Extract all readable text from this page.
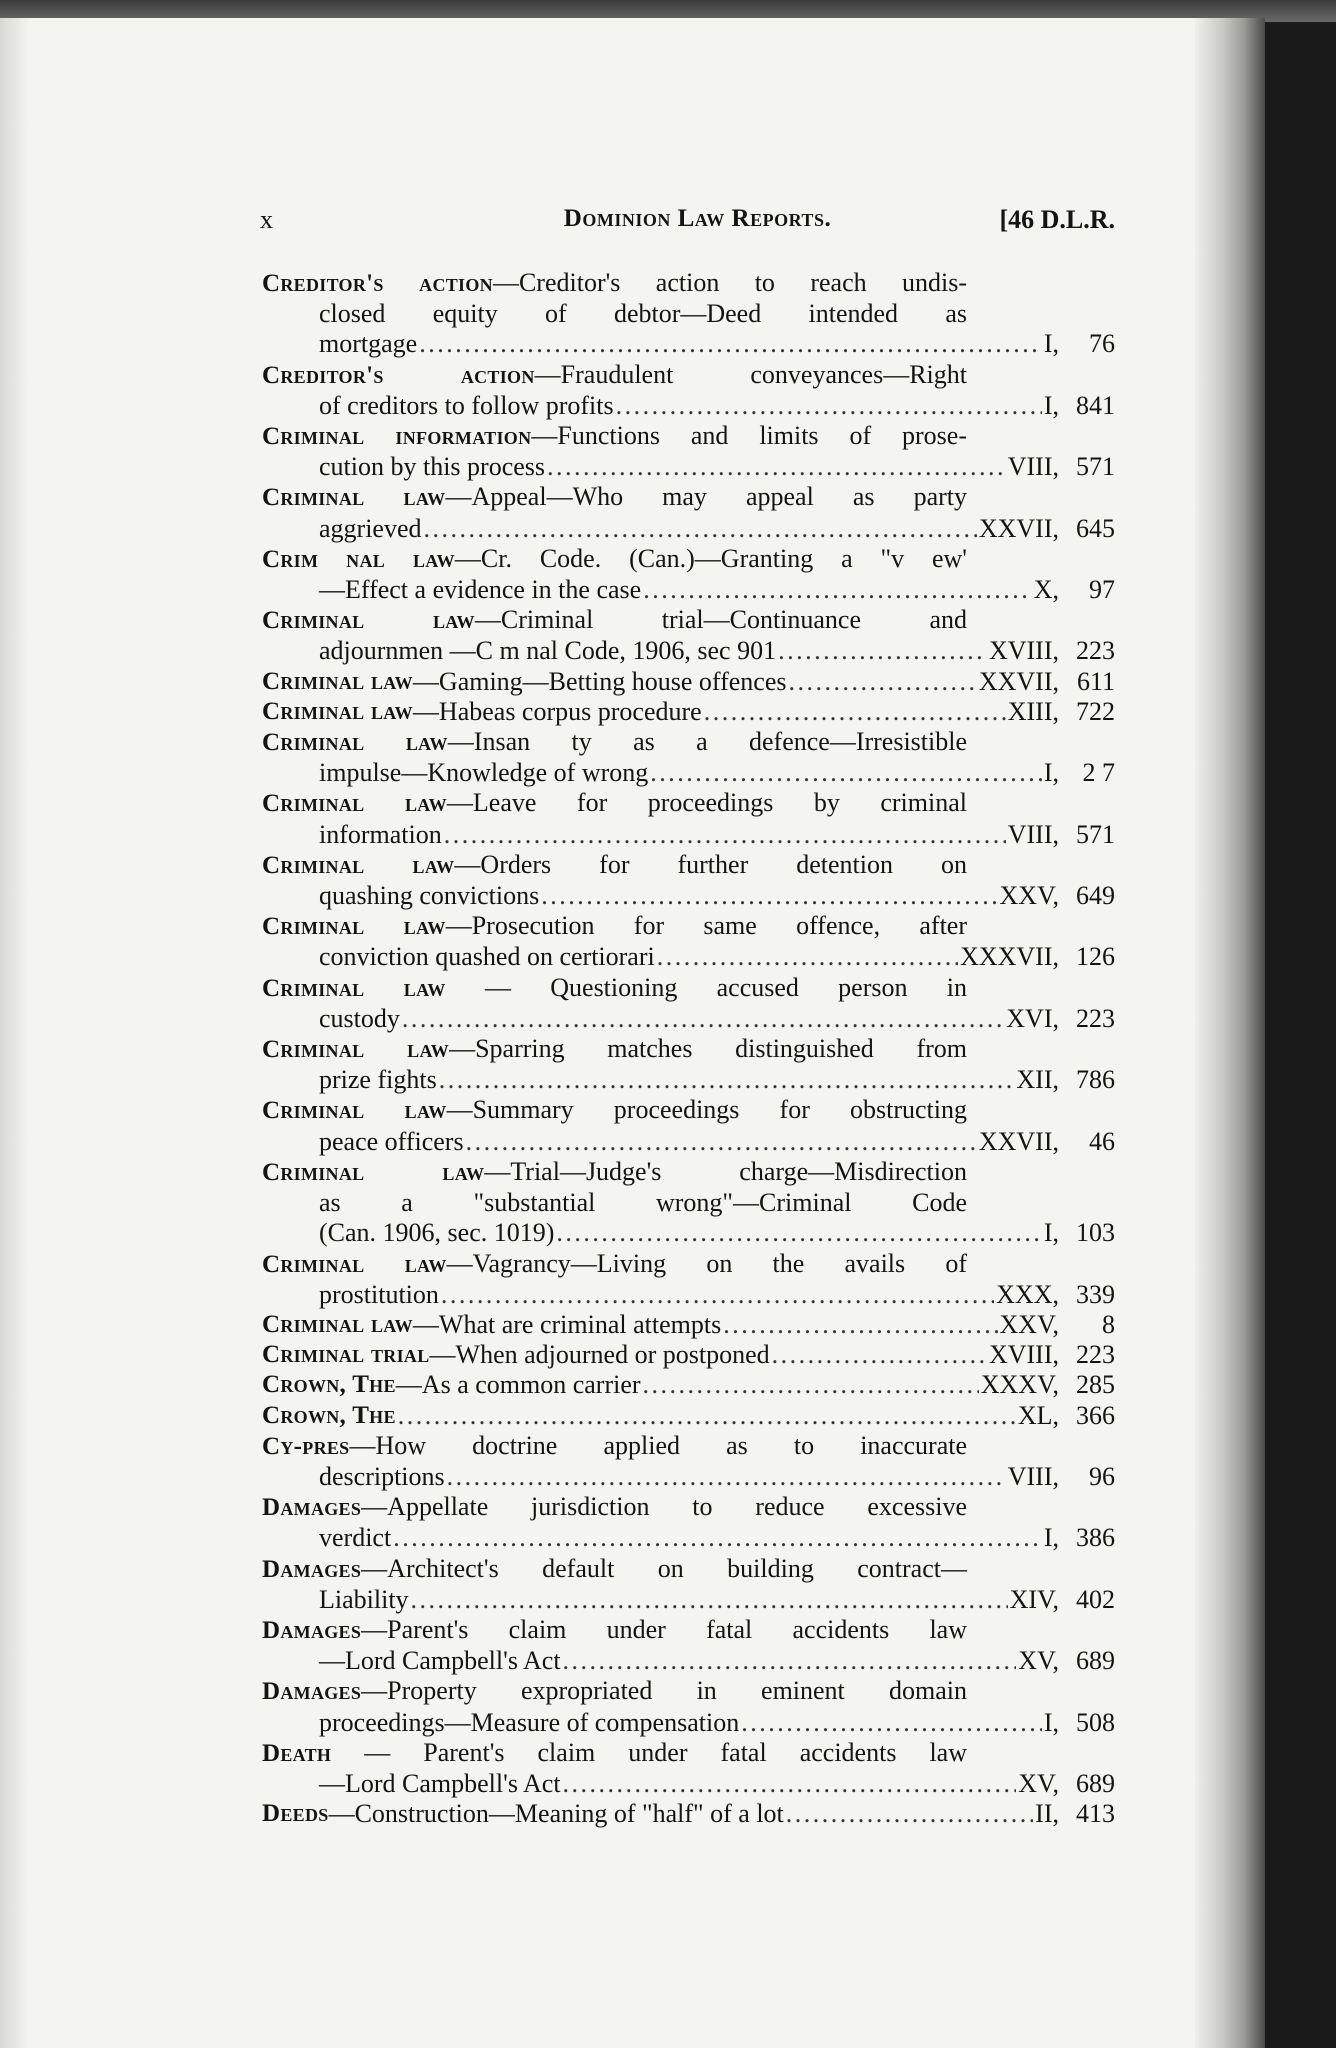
x	Dominion Law Reports.	[46 D.L.R.
Creditor's action—Creditor's action to reach undis-
closed equity of debtor—Deed intended as
mortgage . . .	I,	76
Creditor's action—Fraudulent conveyances—Right
of creditors to follow profits . . .	I, 841
Criminal information—Functions and limits of prose-
cution by this process . . .	VIII, 571
Criminal law—Appeal—Who may appeal as party
aggrieved . . .	XXVII, 645
Crim nal law—Cr. Code. (Can.)—Granting a "v ew'
—Effect a evidence in the case . . .	X,	97
Criminal law—Criminal trial—Continuance and
adjournmen —C m nal Code, 1906, sec 901 . . .	XVIII, 223
Criminal law —Gaming—Betting house offences . . .	XXVII, 611
Criminal law —Habeas corpus procedure . . .	XIII, 722
Criminal law—Insan ty as a defence—Irresistible
impulse—Knowledge of wrong . . .	I, 2 7
Criminal law—Leave for proceedings by criminal
information . . .	VIII, 571
Criminal law—Orders for further detention on
quashing convictions . . .	XXV, 649
Criminal law—Prosecution for same offence, after
conviction quashed on certiorari . . .	XXXVII, 126
Criminal law — Questioning accused person in
custody . . .	XVI, 223
Criminal law—Sparring matches distinguished from
prize fights . . .	XII, 786
Criminal law—Summary proceedings for obstructing
peace officers . . .	XXVII,	46
Criminal law—Trial—Judge's charge—Misdirection
as a "substantial wrong"—Criminal Code
(Can. 1906, sec. 1019) . . .	I, 103
Criminal law—Vagrancy—Living on the avails of
prostitution . . .	XXX, 339
Criminal law —What are criminal attempts . . .	XXV,	8
Criminal trial —When adjourned or postponed . . .	XVIII, 223
Crown, The —As a common carrier . . .	XXXV, 285
Crown, The . . .	XL, 366
Cy-pres—How doctrine applied as to inaccurate
descriptions . . .	VIII,	96
Damages—Appellate jurisdiction to reduce excessive
verdict . . .	I, 386
Damages—Architect's default on building contract—
Liability . . .	XIV, 402
Damages—Parent's claim under fatal accidents law
—Lord Campbell's Act . . .	XV, 689
Damages—Property expropriated in eminent domain
proceedings—Measure of compensation . . .	I, 508
Death — Parent's claim under fatal accidents law
—Lord Campbell's Act . . .	XV, 689
Deeds —Construction—Meaning of "half" of a lot . . .	II, 413
